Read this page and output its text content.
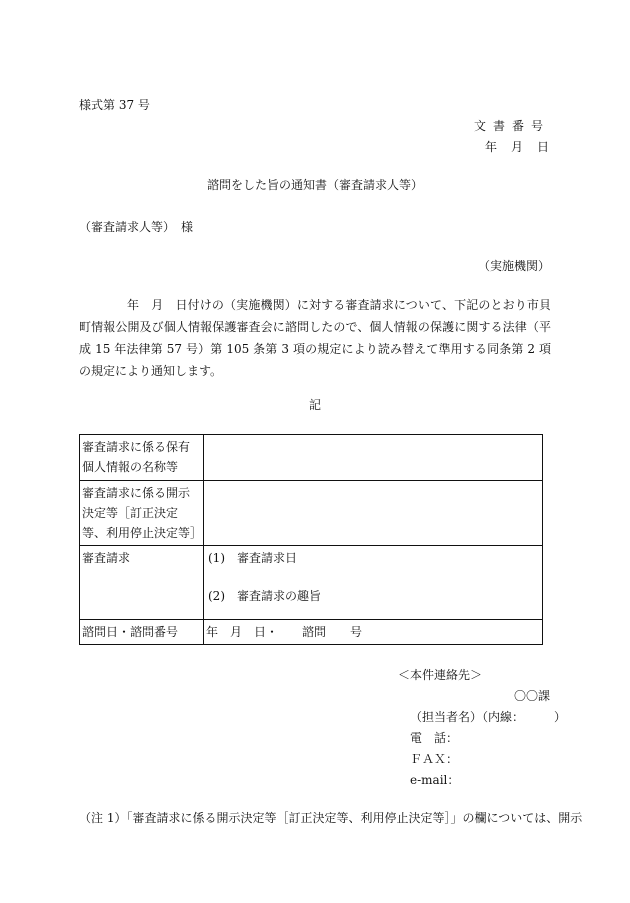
様式第 37 号
文書番号
年　月　日
諮問をした旨の通知書（審査請求人等）
（審査請求人等）　様
（実施機関）
年　月　日付けの（実施機関）に対する審査請求について、下記のとおり市貝町情報公開及び個人情報保護審査会に諮問したので、個人情報の保護に関する法律（平成 15 年法律第 57 号）第 105 条第 3 項の規定により読み替えて準用する同条第 2 項の規定により通知します。
記
審査請求に係る保有個人情報の名称等	
審査請求に係る開示決定等［訂正決定等、利用停止決定等］	
審査請求	(1)　審査請求日
(2)　審査請求の趣旨

諮問日・諮問番号	年　月　日・　　諮問　　号
＜本件連絡先＞
〇〇課
（担当者名）（内線：　　　）
電　話：
ＦＡＸ：
e-mail：
（注 1）「審査請求に係る開示決定等［訂正決定等、利用停止決定等］」の欄については、開示
